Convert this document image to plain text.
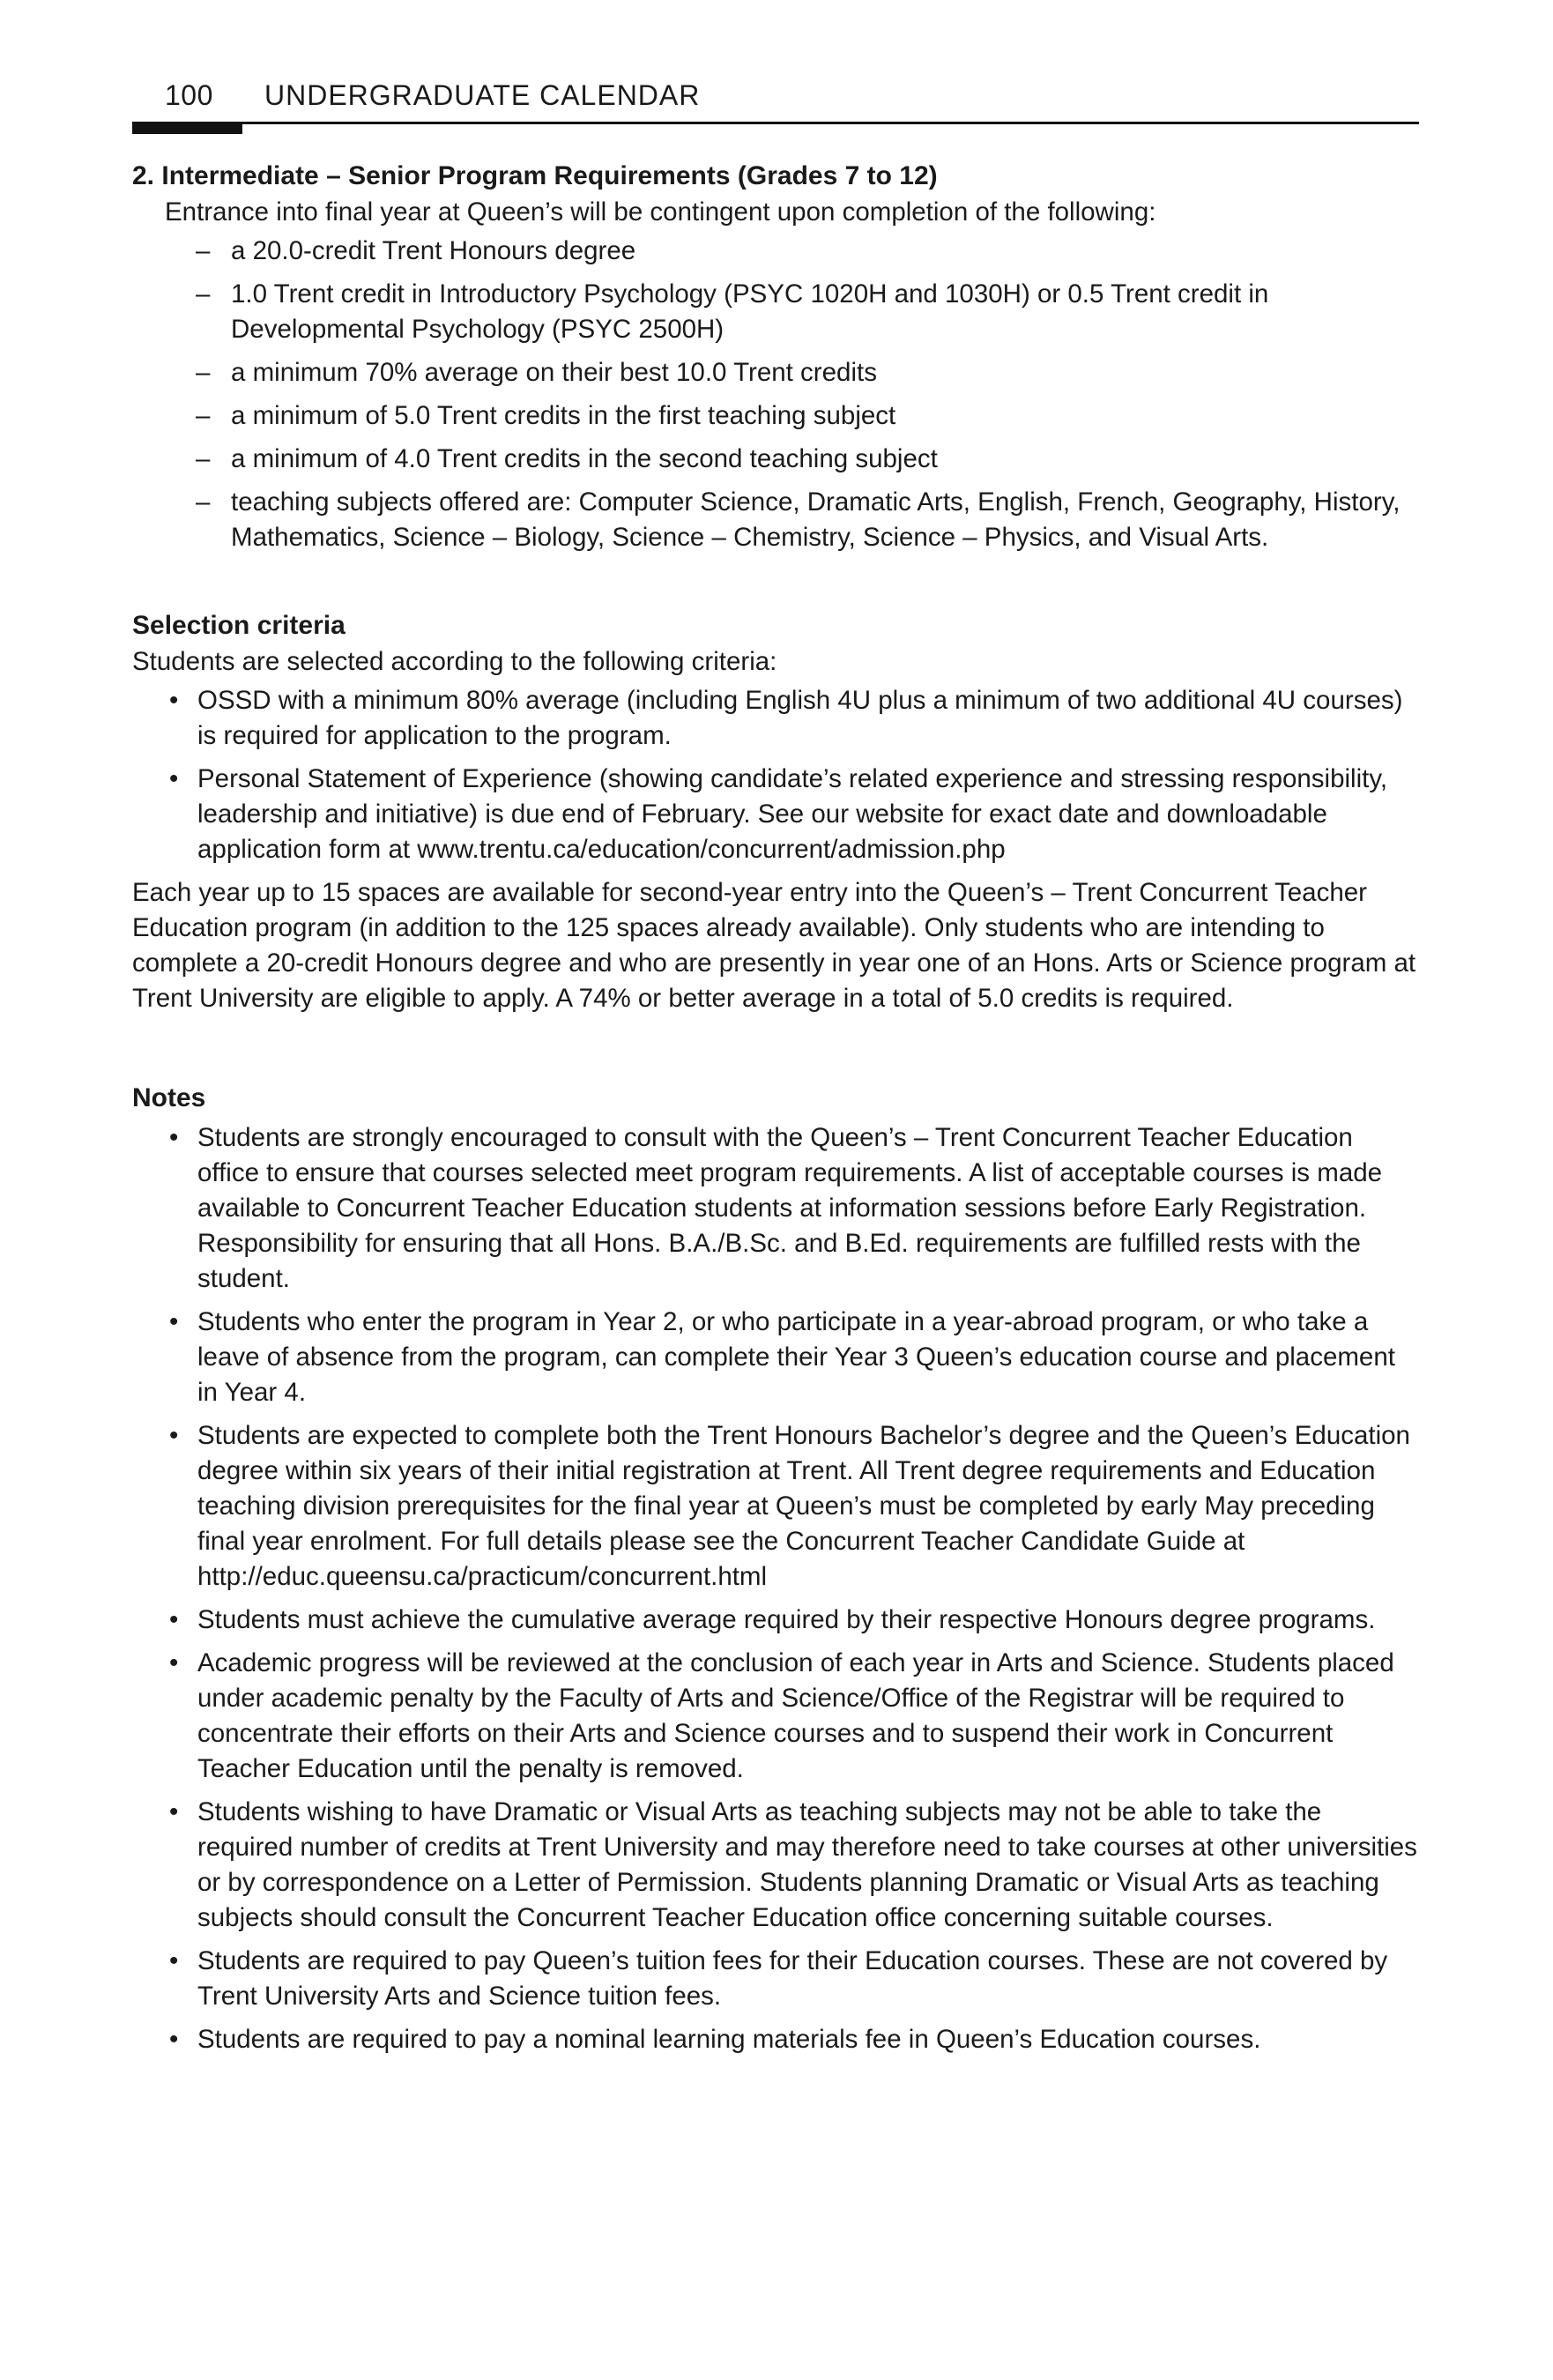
100 UNDERGRADUATE CALENDAR
2. Intermediate – Senior Program Requirements (Grades 7 to 12)

Entrance into final year at Queen’s will be contingent upon completion of the following:

– a 20.0-credit Trent Honours degree
– 1.0 Trent credit in Introductory Psychology (PSYC 1020H and 1030H) or 0.5 Trent credit in Developmental Psychology (PSYC 2500H)
– a minimum 70% average on their best 10.0 Trent credits
– a minimum of 5.0 Trent credits in the first teaching subject
– a minimum of 4.0 Trent credits in the second teaching subject
– teaching subjects offered are: Computer Science, Dramatic Arts, English, French, Geography, History, Mathematics, Science – Biology, Science – Chemistry, Science – Physics, and Visual Arts.
Selection criteria

Students are selected according to the following criteria:

• OSSD with a minimum 80% average (including English 4U plus a minimum of two additional 4U courses) is required for application to the program.
• Personal Statement of Experience (showing candidate’s related experience and stressing responsibility, leadership and initiative) is due end of February. See our website for exact date and downloadable application form at www.trentu.ca/education/concurrent/admission.php

Each year up to 15 spaces are available for second-year entry into the Queen’s – Trent Concurrent Teacher Education program (in addition to the 125 spaces already available). Only students who are intending to complete a 20-credit Honours degree and who are presently in year one of an Hons. Arts or Science program at Trent University are eligible to apply. A 74% or better average in a total of 5.0 credits is required.

Notes
• Students are strongly encouraged to consult with the Queen’s – Trent Concurrent Teacher Education office to ensure that courses selected meet program requirements. A list of acceptable courses is made available to Concurrent Teacher Education students at information sessions before Early Registration. Responsibility for ensuring that all Hons. B.A./B.Sc. and B.Ed. requirements are fulfilled rests with the student.
• Students who enter the program in Year 2, or who participate in a year-abroad program, or who take a leave of absence from the program, can complete their Year 3 Queen’s education course and placement in Year 4.
• Students are expected to complete both the Trent Honours Bachelor’s degree and the Queen’s Education degree within six years of their initial registration at Trent. All Trent degree requirements and Education teaching division prerequisites for the final year at Queen’s must be completed by early May preceding final year enrolment. For full details please see the Concurrent Teacher Candidate Guide at http://educ.queensu.ca/practicum/concurrent.html
• Students must achieve the cumulative average required by their respective Honours degree programs.
• Academic progress will be reviewed at the conclusion of each year in Arts and Science. Students placed under academic penalty by the Faculty of Arts and Science/Office of the Registrar will be required to concentrate their efforts on their Arts and Science courses and to suspend their work in Concurrent Teacher Education until the penalty is removed.
• Students wishing to have Dramatic or Visual Arts as teaching subjects may not be able to take the required number of credits at Trent University and may therefore need to take courses at other universities or by correspondence on a Letter of Permission. Students planning Dramatic or Visual Arts as teaching subjects should consult the Concurrent Teacher Education office concerning suitable courses.
• Students are required to pay Queen’s tuition fees for their Education courses. These are not covered by Trent University Arts and Science tuition fees.
• Students are required to pay a nominal learning materials fee in Queen’s Education courses.
